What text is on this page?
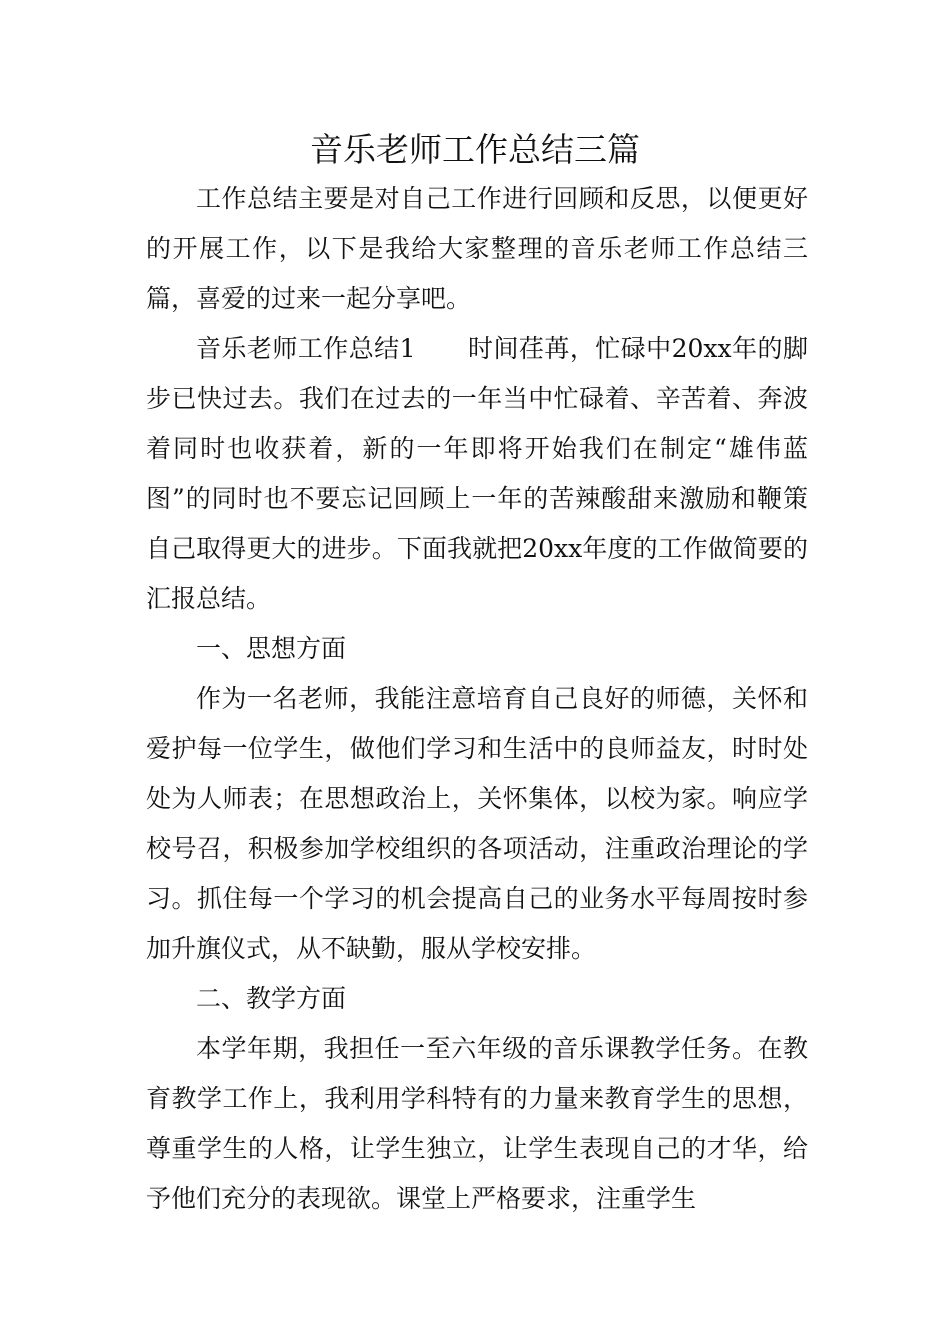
音乐老师工作总结三篇

工作总结主要是对自己工作进行回顾和反思，以便更好的开展工作，以下是我给大家整理的音乐老师工作总结三篇，喜爱的过来一起分享吧。

音乐老师工作总结1 时间荏苒，忙碌中20xx年的脚步已快过去。我们在过去的一年当中忙碌着、辛苦着、奔波着同时也收获着，新的一年即将开始我们在制定“雄伟蓝图”的同时也不要忘记回顾上一年的苦辣酸甜来激励和鞭策自己取得更大的进步。下面我就把20xx年度的工作做简要的汇报总结。

一、思想方面

作为一名老师，我能注意培育自己良好的师德，关怀和爱护每一位学生，做他们学习和生活中的良师益友，时时处处为人师表；在思想政治上，关怀集体，以校为家。响应学校号召，积极参加学校组织的各项活动，注重政治理论的学习。抓住每一个学习的机会提高自己的业务水平每周按时参加升旗仪式，从不缺勤，服从学校安排。

二、教学方面

本学年期，我担任一至六年级的音乐课教学任务。在教育教学工作上，我利用学科特有的力量来教育学生的思想，尊重学生的人格，让学生独立，让学生表现自己的才华，给予他们充分的表现欲。课堂上严格要求，注重学生
